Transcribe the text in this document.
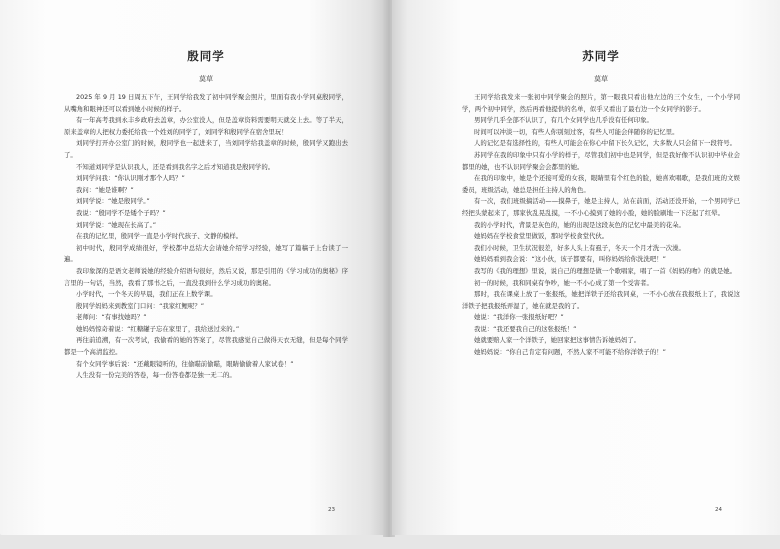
殷同学
莫草

2025 年 9 月 19 日周五下午，王同学给我发了初中同学聚会照片，里面有我小学同桌殷同学，从嘴角和眼神还可以看到她小时候的样子。

有一年高考我到永丰乡政府去盖章，办公室没人，但是盖章资料需要明天就交上去。等了半天，原来盖章的人把权力委托给我一个姓刘的同学了，刘同学和殷同学在宿舍里玩！

刘同学打开办公室门的时候，殷同学也一起进来了，当刘同学给我盖章的时候，殷同学又跑出去了。

不知道刘同学是认识我人，还是看到我名字之后才知道我是殷同学的。

刘同学问我：“你认识刚才那个人吗？”

我问：“她是谁啊？”

刘同学说：“她是殷同学。”

我说：“殷同学不是矮个子吗？”

刘同学说：“她现在长高了。”

在我的记忆里，殷同学一直是小学时代孩子、文静的模样。

初中时代，殷同学成绩很好，学校都中总结大会请她介绍学习经验，她写了篇稿子上台读了一遍。

我印象深的是语文老师说她的经验介绍语句很好，然后又说，那是引用的《学习成功的奥秘》序言里的一句话，当然，我看了那书之后，一直没我到什么学习成功的奥秘。

小学时代，一个冬天的早晨，我们正在上数学课。

殷同学妈妈来到教室门口问：“我家红鲤呢？”

老师问：“有事找她吗？”

她妈妈惊奇着说：“红糖罐子忘在家里了，我给送过来的。”

再往前追溯，有一次考试，我偷看的她的答案了，尽管我感觉自己做得天衣无缝，但是每个同学都是一个高清监控。

有个女同学事后说：“还戴眼镜听的，往偷瞄前偷瞄，眼睛偷偷着人家试卷！”

人生没有一份完美的答卷，每一份答卷都是独一无二的。

23
苏同学
莫草

王同学给我发来一张初中同学聚会的照片，第一眼我只看出他左边的三个女生，一个小学同学，两个初中同学，然后再看他提供的名单，似乎又看出了最右边一个女同学的影子。

男同学几乎全部不认识了，有几个女同学也几乎没有任何印象。

时间可以冲淡一切，有些人你别刻过客，有些人可能会伴随你的记忆里。

人的记忆是有选择性的，有些人可能会在你心中留下长久记忆，大多数人只会留下一段符号。

苏同学在我的印象中只有小学的样子，尽管我们初中也是同学，但是我好像不认识初中毕业会都里的她，也不认识同学聚会会都里的她。

在我的印象中，她是个还接可爱的女孩，眼睛里有个红色的脸，她喜欢唱歌，是我们班的文娱委员，班级活动，她总是担任主持人的角色。

有一次，我们班级搞活动——摸鼻子，她是主持人，站在前面，活动还没开始，一个男同学已经把头蒙起来了，那家伙乱晃乱摸，一不小心摸到了她的小脸，她的脸刷地一下泛起了红晕。

我的小学时代，背景是灰色的，她的出现是这段灰色的记忆中最美的花朵。

她妈妈在学校食堂里做饭，那时学校食堂代伙。

我们小时候，卫生状况很差，好多人头上有虱子，冬天一个月才洗一次澡。

她妈妈看到我会说：“这小伙，该子都要有，叫你妈妈给你洗洗吧！”

我写的《我的理想》里说，说自己的理想是做一个歌唱家，唱了一首《妈妈的吻》的就是她。

初一的时候，我和同桌有争吵，她一不小心成了第一个受害者。

那时，我在课桌上放了一张报纸，她把洋铁子还给我同桌，一不小心放在我报纸上了，我说这洋铁子把我报纸弄湿了，她在就是我的了。

她说：“我洋你一张报纸好吧？”

我说：“我还要我自己的这张报纸！”

她就要赔人家一个洋铁子，她回家把这事情告诉她妈妈了。

她妈妈说：“你自己肯定有问题，不然人家不可能不给你洋铁子的！”

24
